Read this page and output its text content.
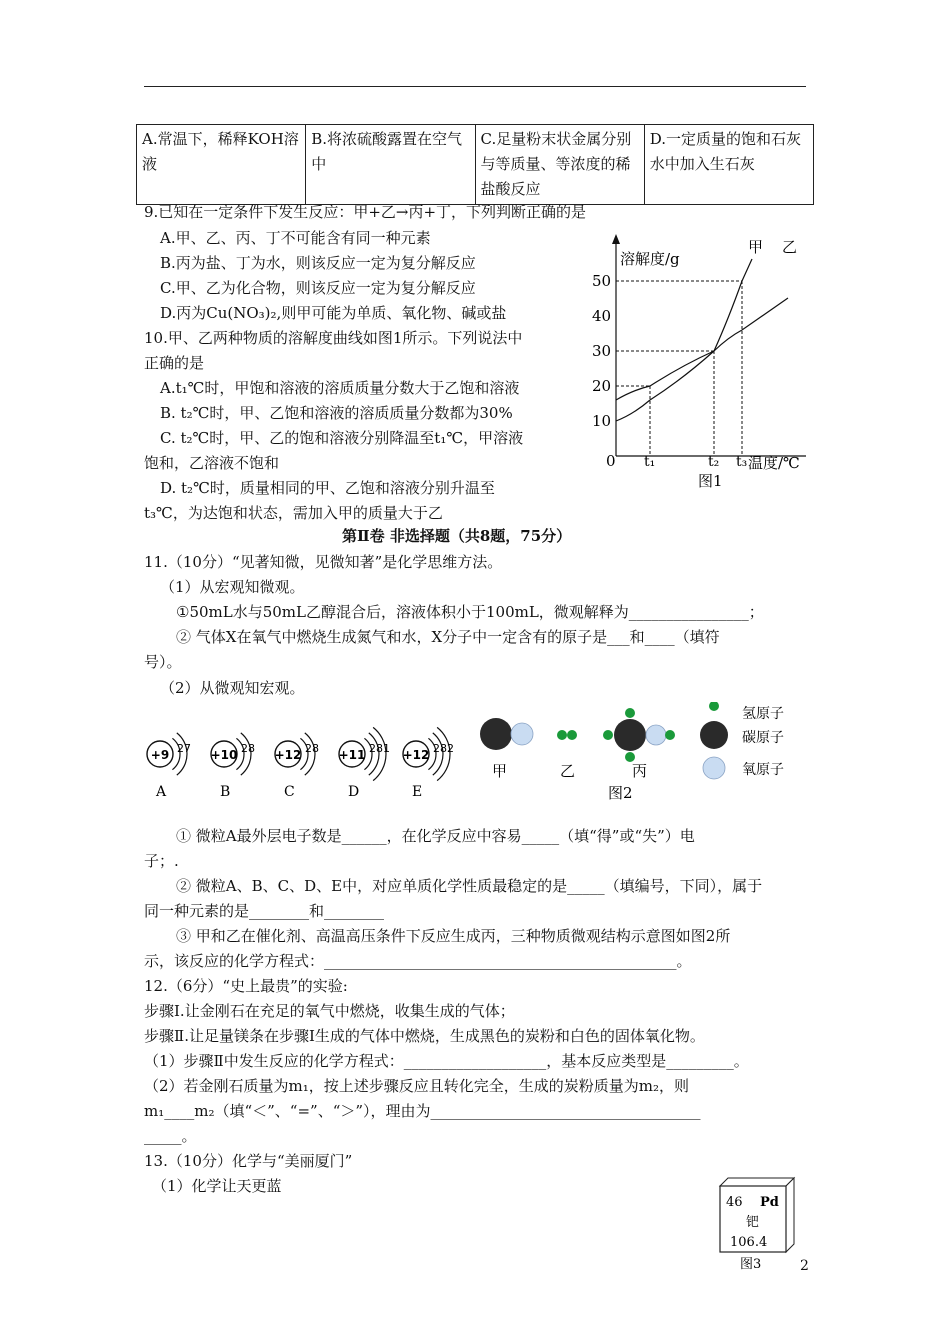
A.常温下，稀释KOH溶液	B.将浓硫酸露置在空气中	C.足量粉末状金属分别与等质量、等浓度的稀盐酸反应	D.一定质量的饱和石灰水中加入生石灰
9.已知在一定条件下发生反应：甲+乙→丙+丁，下列判断正确的是
A.甲、乙、丙、丁不可能含有同一种元素
B.丙为盐、丁为水，则该反应一定为复分解反应
C.甲、乙为化合物，则该反应一定为复分解反应
D.丙为Cu(NO₃)₂,则甲可能为单质、氧化物、碱或盐
10.甲、乙两种物质的溶解度曲线如图1所示。下列说法中
正确的是
A.t₁℃时，甲饱和溶液的溶质质量分数大于乙饱和溶液
B. t₂℃时，甲、乙饱和溶液的溶质质量分数都为30%
C. t₂℃时，甲、乙的饱和溶液分别降温至t₁℃，甲溶液
饱和，乙溶液不饱和
D. t₂℃时，质量相同的甲、乙饱和溶液分别升温至
t₃℃，为达饱和状态，需加入甲的质量大于乙
50
40
30
20
10
t₁	t₂ t₃
溶解度/g
温度/℃
0
甲 乙
图1
第Ⅱ卷 非选择题（共8题，75分）
11.（10分）“见著知微，见微知著”是化学思维方法。
（1）从宏观知微观。
①50mL水与50mL乙醇混合后，溶液体积小于100mL，微观解释为________________；
② 气体X在氧气中燃烧生成氮气和水，X分子中一定含有的原子是___和____（填符
号）。
（2）从微观知宏观。
+9 2 7
A
+10 2 8
B
+12 2 8
C
+11 2 8 1
D
+12 2 8 2
E
甲	乙	丙
图2
氢原子
碳原子
氧原子
① 微粒A最外层电子数是______，在化学反应中容易_____（填“得”或“失”）电
子；.
② 微粒A、B、C、D、E中，对应单质化学性质最稳定的是_____（填编号，下同），属于
同一种元素的是________和________
③ 甲和乙在催化剂、高温高压条件下反应生成丙，三种物质微观结构示意图如图2所
示，该反应的化学方程式：_______________________________________________。
12.（6分）“史上最贵”的实验:
步骤Ⅰ.让金刚石在充足的氧气中燃烧，收集生成的气体；
步骤Ⅱ.让足量镁条在步骤Ⅰ生成的气体中燃烧，生成黑色的炭粉和白色的固体氧化物。
（1）步骤Ⅱ中发生反应的化学方程式：___________________，基本反应类型是_________。
（2）若金刚石质量为m₁，按上述步骤反应且转化完全，生成的炭粉质量为m₂，则
m₁____m₂（填“＜”、“=”、“＞”），理由为____________________________________
_____。
13.（10分）化学与“美丽厦门”
（1）化学让天更蓝
46 Pd
钯
106.4
图3	2
